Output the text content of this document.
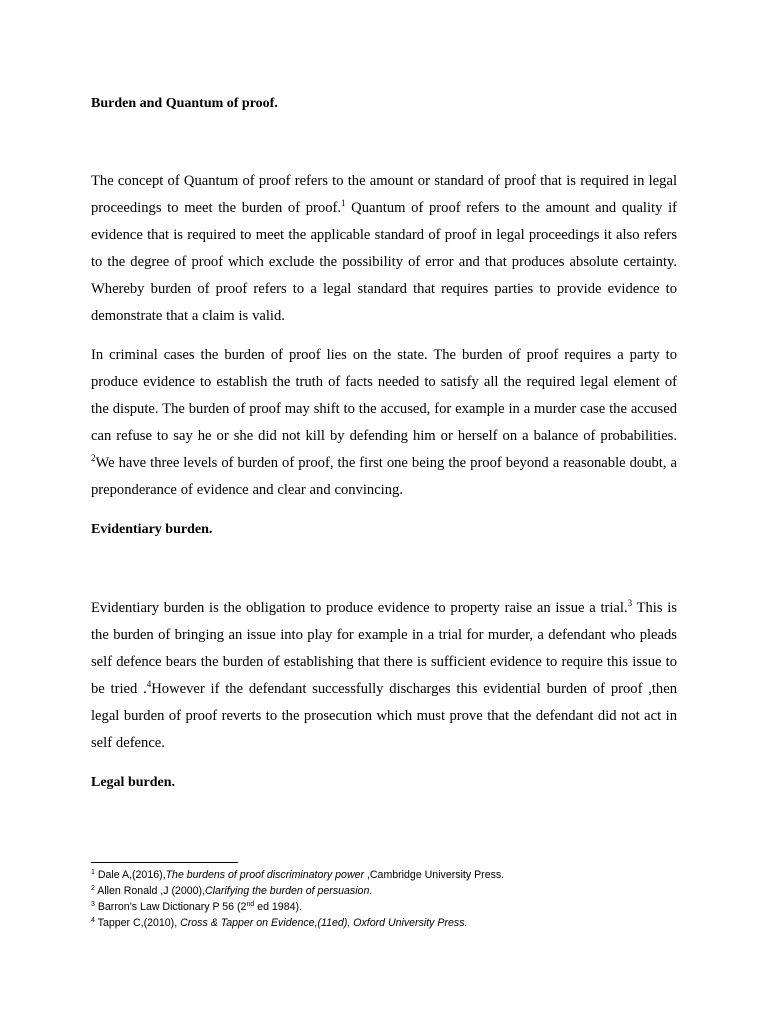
Burden and Quantum of proof.

The concept of Quantum of proof refers to the amount or standard of proof that is required in legal proceedings to meet the burden of proof.$^1$ Quantum of proof refers to the amount and quality if evidence that is required to meet the applicable standard of proof in legal proceedings it also refers to the degree of proof which exclude the possibility of error and that produces absolute certainty. Whereby burden of proof refers to a legal standard that requires parties to provide evidence to demonstrate that a claim is valid.

In criminal cases the burden of proof lies on the state. The burden of proof requires a party to produce evidence to establish the truth of facts needed to satisfy all the required legal element of the dispute. The burden of proof may shift to the accused, for example in a murder case the accused can refuse to say he or she did not kill by defending him or herself on a balance of probabilities. $^2$We have three levels of burden of proof, the first one being the proof beyond a reasonable doubt, a preponderance of evidence and clear and convincing.

Evidentiary burden.

Evidentiary burden is the obligation to produce evidence to property raise an issue a trial.$^3$ This is the burden of bringing an issue into play for example in a trial for murder, a defendant who pleads self defence bears the burden of establishing that there is sufficient evidence to require this issue to be tried .$^4$However if the defendant successfully discharges this evidential burden of proof ,then legal burden of proof reverts to the prosecution which must prove that the defendant did not act in self defence.

Legal burden.

$^1$ Dale A,(2016),The burdens of proof discriminatory power ,Cambridge University Press.

$^2$ Allen Ronald ,J (2000),Clarifying the burden of persuasion.

$^3$ Barron’s Law Dictionary P 56 (2nd ed 1984).

$^4$ Tapper C,(2010), Cross & Tapper on Evidence,(11ed), Oxford University Press.
